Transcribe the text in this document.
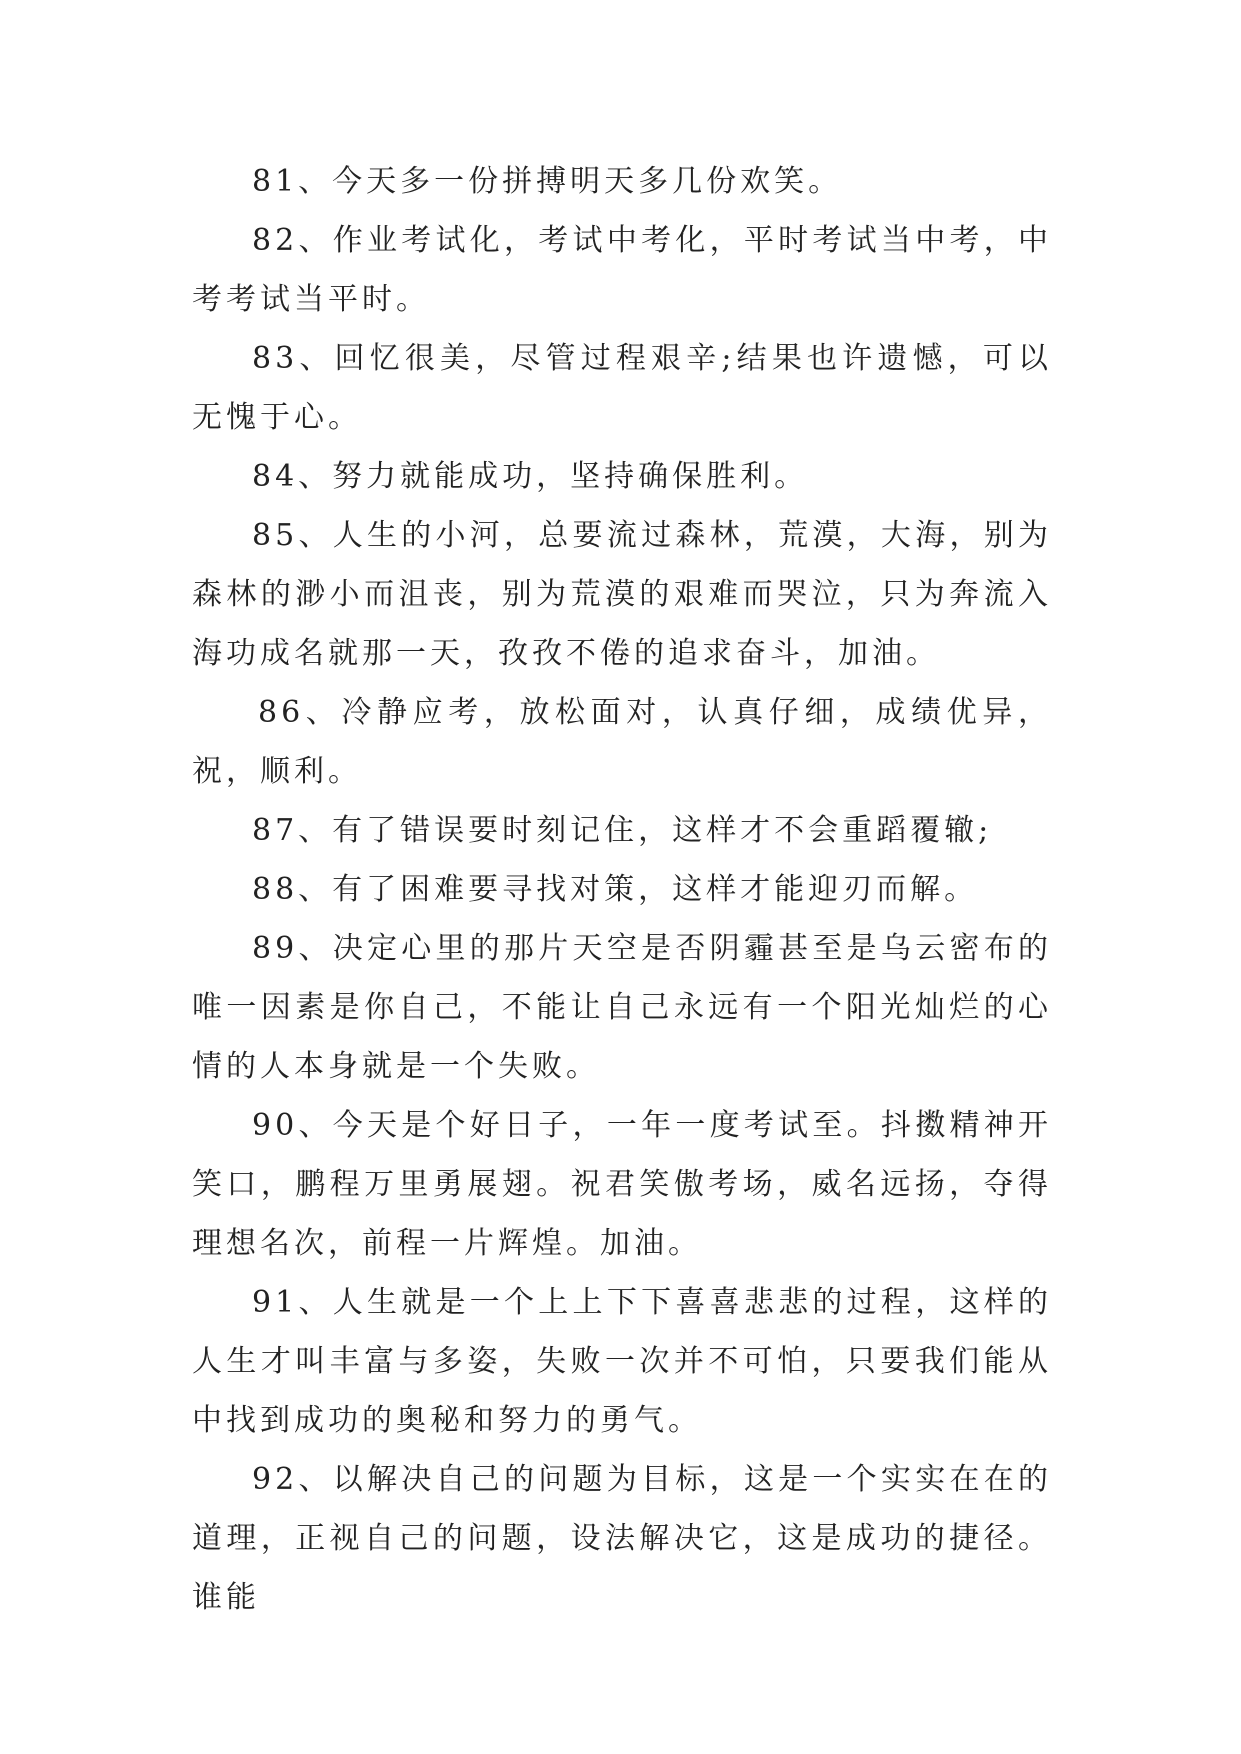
81、今天多一份拼搏明天多几份欢笑。

82、作业考试化，考试中考化，平时考试当中考，中考考试当平时。

83、回忆很美，尽管过程艰辛;结果也许遗憾，可以无愧于心。

84、努力就能成功，坚持确保胜利。

85、人生的小河，总要流过森林，荒漠，大海，别为森林的渺小而沮丧，别为荒漠的艰难而哭泣，只为奔流入海功成名就那一天，孜孜不倦的追求奋斗，加油。

86、冷静应考，放松面对，认真仔细，成绩优异，祝，顺利。

87、有了错误要时刻记住，这样才不会重蹈覆辙;

88、有了困难要寻找对策，这样才能迎刃而解。

89、决定心里的那片天空是否阴霾甚至是乌云密布的唯一因素是你自己，不能让自己永远有一个阳光灿烂的心情的人本身就是一个失败。

90、今天是个好日子，一年一度考试至。抖擞精神开笑口，鹏程万里勇展翅。祝君笑傲考场，威名远扬，夺得理想名次，前程一片辉煌。加油。

91、人生就是一个上上下下喜喜悲悲的过程，这样的人生才叫丰富与多姿，失败一次并不可怕，只要我们能从中找到成功的奥秘和努力的勇气。

92、以解决自己的问题为目标，这是一个实实在在的道理，正视自己的问题，设法解决它，这是成功的捷径。谁能
